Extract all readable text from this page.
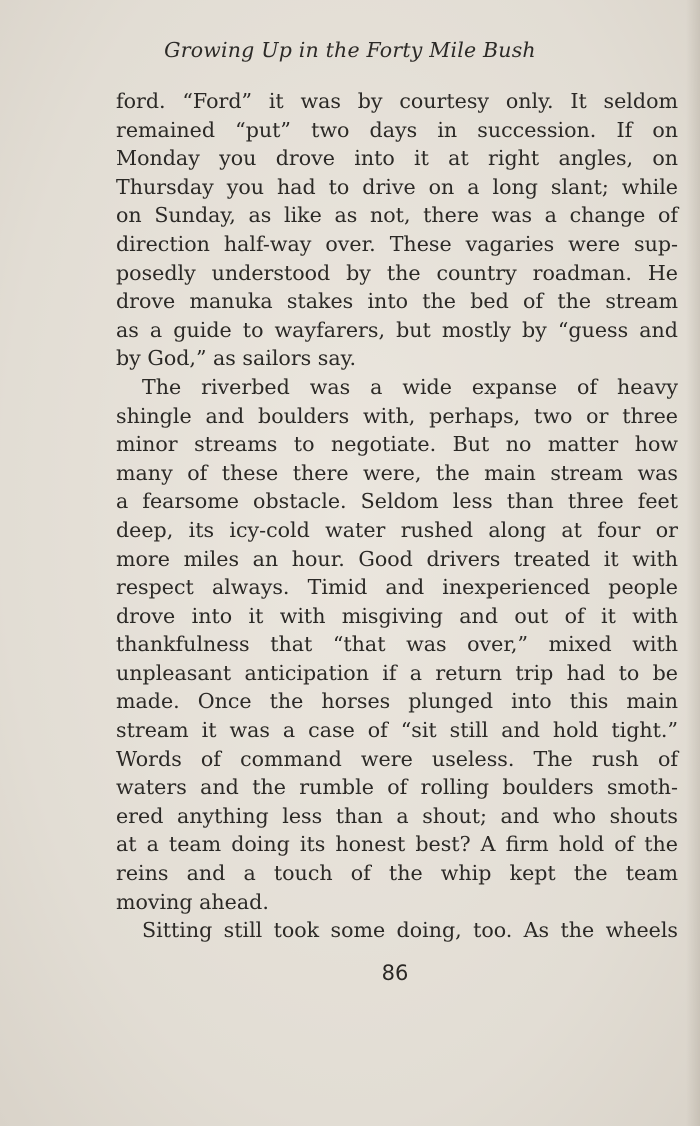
Growing Up in the Forty Mile Bush
ford. “Ford” it was by courtesy only. It seldom
remained “put” two days in succession. If on
Monday you drove into it at right angles, on
Thursday you had to drive on a long slant; while
on Sunday, as like as not, there was a change of
direction half-way over. These vagaries were sup-
posedly understood by the country roadman. He
drove manuka stakes into the bed of the stream
as a guide to wayfarers, but mostly by “guess and
by God,” as sailors say.
The riverbed was a wide expanse of heavy
shingle and boulders with, perhaps, two or three
minor streams to negotiate. But no matter how
many of these there were, the main stream was
a fearsome obstacle. Seldom less than three feet
deep, its icy-cold water rushed along at four or
more miles an hour. Good drivers treated it with
respect always. Timid and inexperienced people
drove into it with misgiving and out of it with
thankfulness that “that was over,” mixed with
unpleasant anticipation if a return trip had to be
made. Once the horses plunged into this main
stream it was a case of “sit still and hold tight.”
Words of command were useless. The rush of
waters and the rumble of rolling boulders smoth-
ered anything less than a shout; and who shouts
at a team doing its honest best? A firm hold of the
reins and a touch of the whip kept the team
moving ahead.
Sitting still took some doing, too. As the wheels
86
